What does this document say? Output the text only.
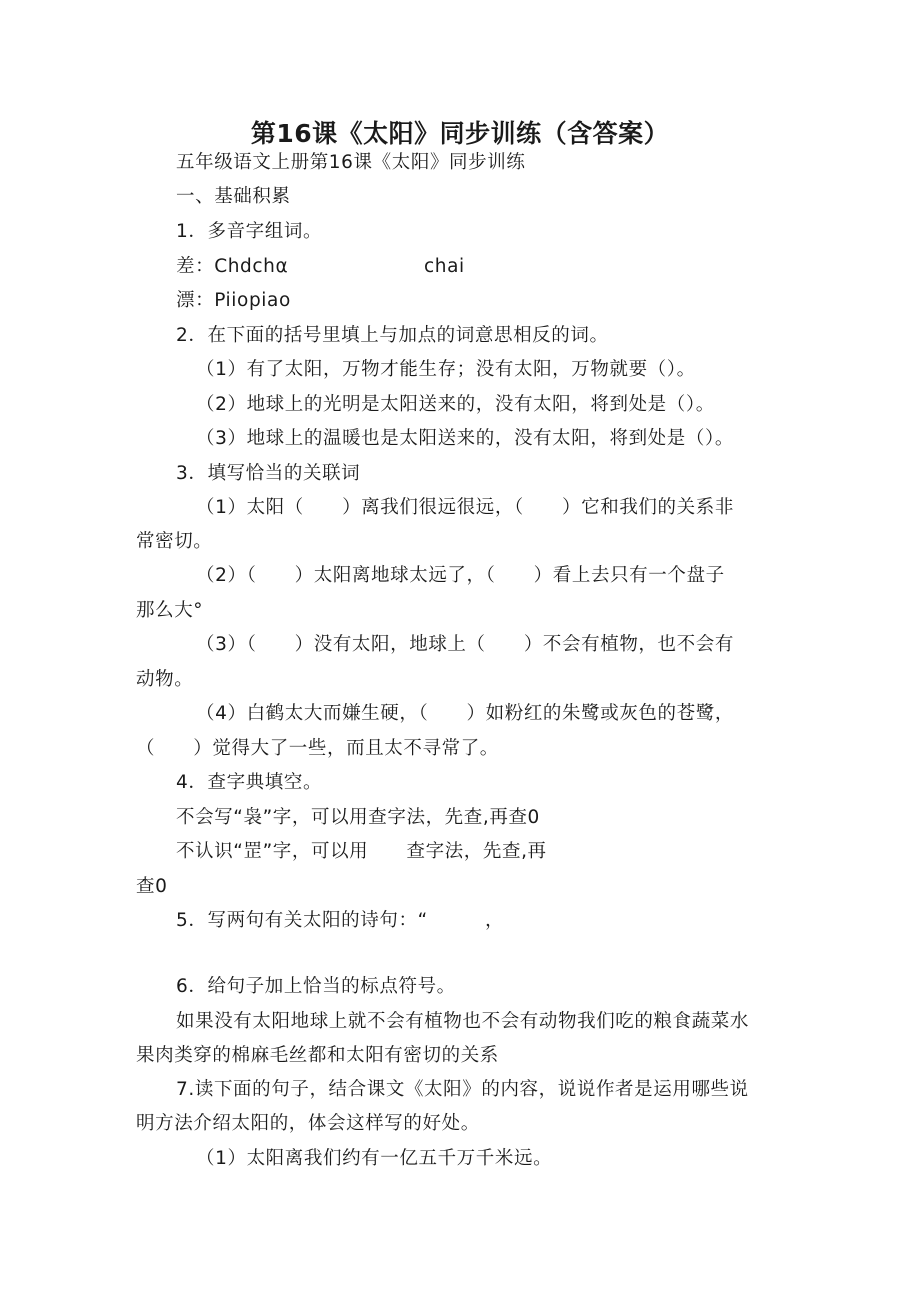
第16课《太阳》同步训练（含答案）
五年级语文上册第16课《太阳》同步训练
一、基础积累
1．多音字组词。
差：Chdchα	chai
漂：Piiopiao
2．在下面的括号里填上与加点的词意思相反的词。
（1）有了太阳，万物才能生存；没有太阳，万物就要（）。
（2）地球上的光明是太阳送来的，没有太阳，将到处是（）。
（3）地球上的温暖也是太阳送来的，没有太阳，将到处是（）。
3．填写恰当的关联词
（1）太阳（　　）离我们很远很远，（　　）它和我们的关系非
常密切。
（2）（　　）太阳离地球太远了，（　　）看上去只有一个盘子
那么大°
（3）（　　）没有太阳，地球上（　　）不会有植物，也不会有
动物。
（4）白鹤太大而嫌生硬，（　　）如粉红的朱鹭或灰色的苍鹭，
（　　）觉得大了一些，而且太不寻常了。
4．查字典填空。
不会写“袅”字，可以用查字法，先查,再查0
不认识“罡”字，可以用　　查字法，先查,再
查0
5．写两句有关太阳的诗句：“　　　，
6．给句子加上恰当的标点符号。
如果没有太阳地球上就不会有植物也不会有动物我们吃的粮食蔬菜水
果肉类穿的棉麻毛丝都和太阳有密切的关系
7.读下面的句子，结合课文《太阳》的内容，说说作者是运用哪些说
明方法介绍太阳的，体会这样写的好处。
（1）太阳离我们约有一亿五千万千米远。
